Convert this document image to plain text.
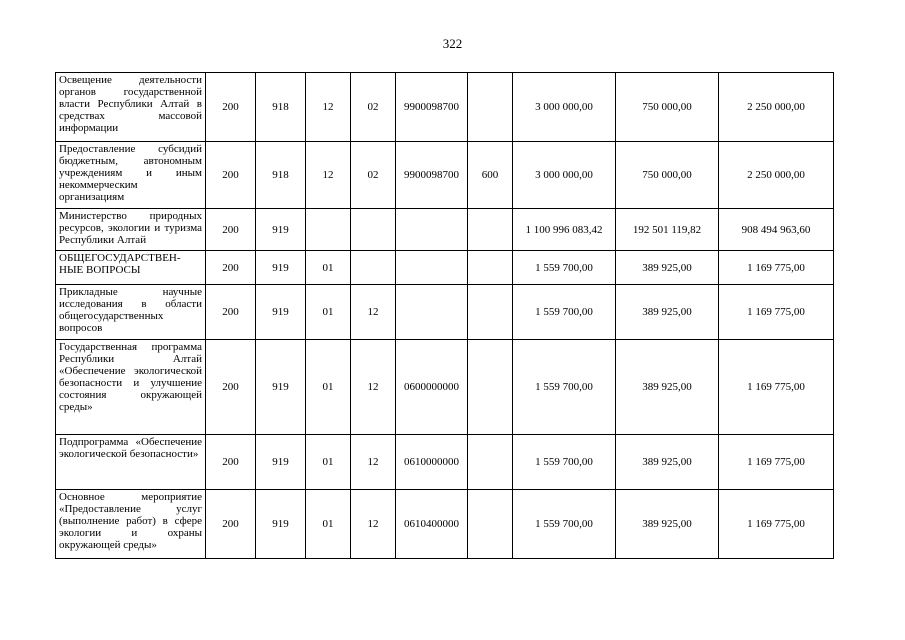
322
Освещение деятельности органов государственной власти Республики Алтай в средствах массовой информации	200	918	12	02	9900098700		3 000 000,00	750 000,00	2 250 000,00
Предоставление субсидий бюджетным, автономным учреждениям и иным некоммерческим организациям	200	918	12	02	9900098700	600	3 000 000,00	750 000,00	2 250 000,00
Министерство природных ресурсов, экологии и туризма Республики Алтай	200	919					1 100 996 083,42	192 501 119,82	908 494 963,60
ОБЩЕГОСУДАРСТВЕН-НЫЕ ВОПРОСЫ	200	919	01				1 559 700,00	389 925,00	1 169 775,00
Прикладные научные исследования в области общегосударственных вопросов	200	919	01	12			1 559 700,00	389 925,00	1 169 775,00
Государственная программа Республики Алтай «Обеспечение экологической безопасности и улучшение состояния окружающей среды»	200	919	01	12	0600000000		1 559 700,00	389 925,00	1 169 775,00
Подпрограмма «Обеспечение экологической безопасности»	200	919	01	12	0610000000		1 559 700,00	389 925,00	1 169 775,00
Основное мероприятие «Предоставление услуг (выполнение работ) в сфере экологии и охраны окружающей среды»	200	919	01	12	0610400000		1 559 700,00	389 925,00	1 169 775,00
